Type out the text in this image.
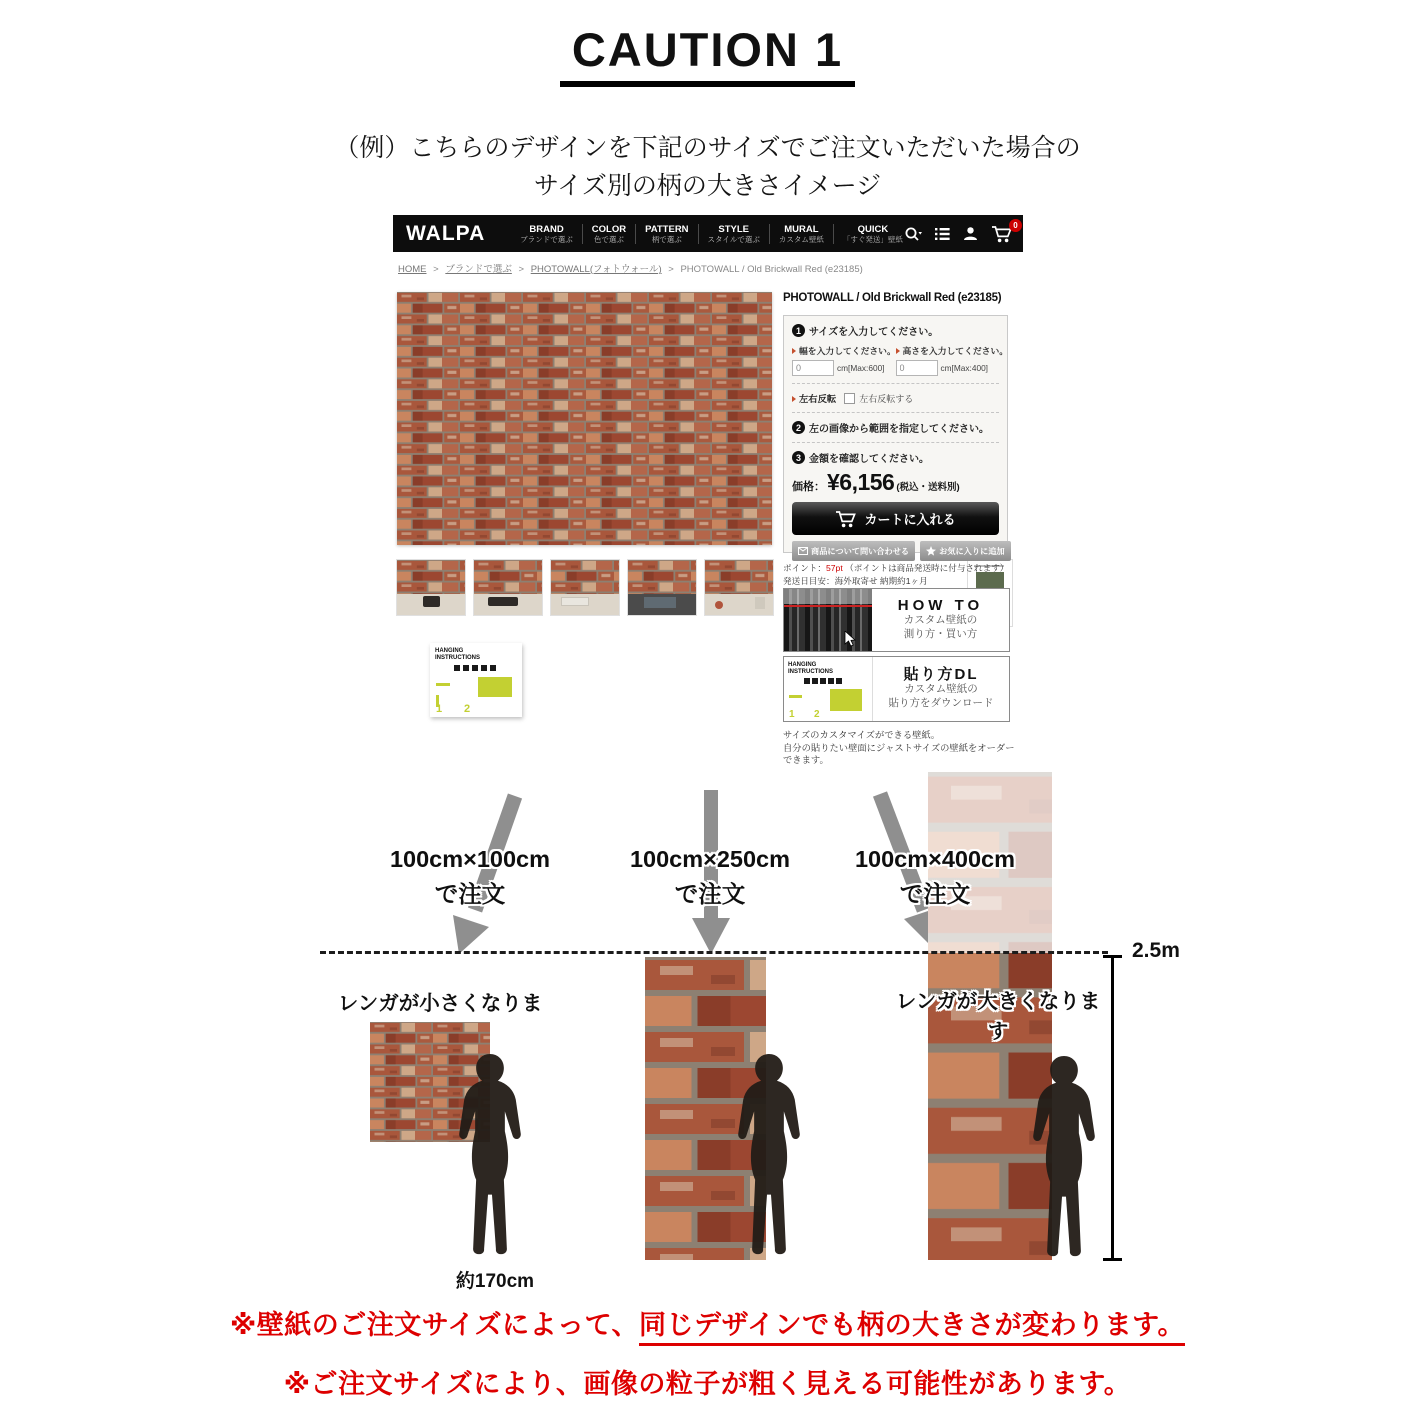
CAUTION 1
（例）こちらのデザインを下記のサイズでご注文いただいた場合の
サイズ別の柄の大きさイメージ
WALPA	BRAND
ブランドで選ぶ
COLOR
色で選ぶ
PATTERN
柄で選ぶ
STYLE
スタイルで選ぶ
MURAL
カスタム壁紙
QUICK
「すぐ発送」壁紙
0
HOME > ブランドで選ぶ > PHOTOWALL(フォトウォール) > PHOTOWALL / Old Brickwall Red (e23185)
HANGING
INSTRUCTIONS
1 2
PHOTOWALL / Old Brickwall Red (e23185)
1 サイズを入力してください。
幅を入力してください。
0
cm[Max:600]
高さを入力してください。
0
cm[Max:400]
左右反転	左右反転する
2 左の画像から範囲を指定してください。
3 金額を確認してください。
価格： ¥6,156 (税込・送料別)
カートに入れる
商品について問い合わせる	お気に入りに追加
ポイント：57pt （ポイントは商品発送時に付与されます）
発送日目安：海外取寄せ 納期約1ヶ月
HOW TO
カスタム壁紙の
測り方・買い方
HANGING
INSTRUCTIONS
1 2
貼り方DL
カスタム壁紙の
貼り方をダウンロード
サイズのカスタマイズができる壁紙。
自分の貼りたい壁面にジャストサイズの壁紙をオーダーできます。
100cm×100cm
で注文
100cm×250cm
で注文
100cm×400cm
で注文
レンガが小さくなりま	レンガが大きくなります
約170cm
2.5m
※壁紙のご注文サイズによって、同じデザインでも柄の大きさが変わります。
※ご注文サイズにより、画像の粒子が粗く見える可能性があります。
